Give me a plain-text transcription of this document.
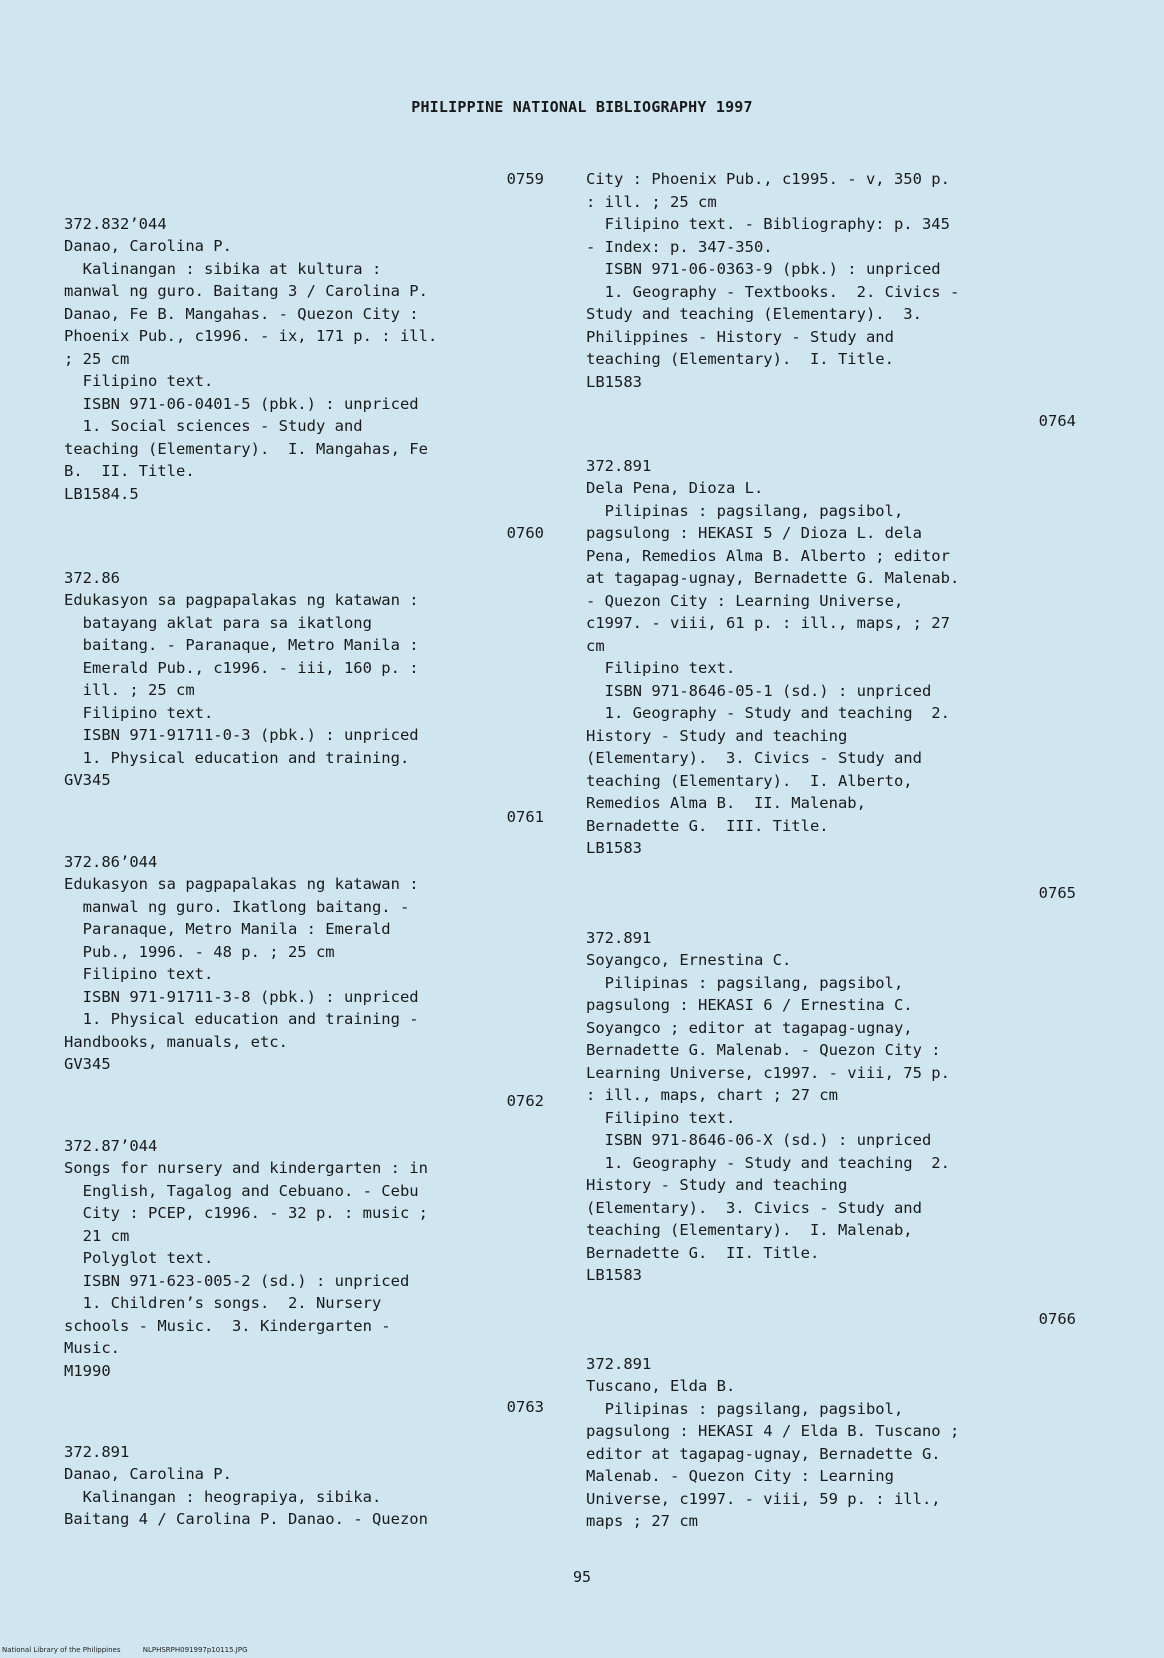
PHILIPPINE NATIONAL BIBLIOGRAPHY 1997
0759
372.832’044
Danao, Carolina P.
Kalinangan : sibika at kultura :
manwal ng guro. Baitang 3 / Carolina P.
Danao, Fe B. Mangahas. - Quezon City :
Phoenix Pub., c1996. - ix, 171 p. : ill.
; 25 cm
Filipino text.
ISBN 971-06-0401-5 (pbk.) : unpriced
1. Social sciences - Study and
teaching (Elementary).  I. Mangahas, Fe
B.  II. Title.
LB1584.5
0760
372.86
Edukasyon sa pagpapalakas ng katawan :
batayang aklat para sa ikatlong
baitang. - Paranaque, Metro Manila :
Emerald Pub., c1996. - iii, 160 p. :
ill. ; 25 cm
Filipino text.
ISBN 971-91711-0-3 (pbk.) : unpriced
1. Physical education and training.
GV345
0761
372.86’044
Edukasyon sa pagpapalakas ng katawan :
manwal ng guro. Ikatlong baitang. -
Paranaque, Metro Manila : Emerald
Pub., 1996. - 48 p. ; 25 cm
Filipino text.
ISBN 971-91711-3-8 (pbk.) : unpriced
1. Physical education and training -
Handbooks, manuals, etc.
GV345
0762
372.87’044
Songs for nursery and kindergarten : in
English, Tagalog and Cebuano. - Cebu
City : PCEP, c1996. - 32 p. : music ;
21 cm
Polyglot text.
ISBN 971-623-005-2 (sd.) : unpriced
1. Children’s songs.  2. Nursery
schools - Music.  3. Kindergarten -
Music.
M1990
0763
372.891
Danao, Carolina P.
Kalinangan : heograpiya, sibika.
Baitang 4 / Carolina P. Danao. - Quezon
City : Phoenix Pub., c1995. - v, 350 p.
: ill. ; 25 cm
Filipino text. - Bibliography: p. 345
- Index: p. 347-350.
ISBN 971-06-0363-9 (pbk.) : unpriced
1. Geography - Textbooks.  2. Civics -
Study and teaching (Elementary).  3.
Philippines - History - Study and
teaching (Elementary).  I. Title.
LB1583
0764
372.891
Dela Pena, Dioza L.
Pilipinas : pagsilang, pagsibol,
pagsulong : HEKASI 5 / Dioza L. dela
Pena, Remedios Alma B. Alberto ; editor
at tagapag-ugnay, Bernadette G. Malenab.
- Quezon City : Learning Universe,
c1997. - viii, 61 p. : ill., maps, ; 27
cm
Filipino text.
ISBN 971-8646-05-1 (sd.) : unpriced
1. Geography - Study and teaching  2.
History - Study and teaching
(Elementary).  3. Civics - Study and
teaching (Elementary).  I. Alberto,
Remedios Alma B.  II. Malenab,
Bernadette G.  III. Title.
LB1583
0765
372.891
Soyangco, Ernestina C.
Pilipinas : pagsilang, pagsibol,
pagsulong : HEKASI 6 / Ernestina C.
Soyangco ; editor at tagapag-ugnay,
Bernadette G. Malenab. - Quezon City :
Learning Universe, c1997. - viii, 75 p.
: ill., maps, chart ; 27 cm
Filipino text.
ISBN 971-8646-06-X (sd.) : unpriced
1. Geography - Study and teaching  2.
History - Study and teaching
(Elementary).  3. Civics - Study and
teaching (Elementary).  I. Malenab,
Bernadette G.  II. Title.
LB1583
0766
372.891
Tuscano, Elda B.
Pilipinas : pagsilang, pagsibol,
pagsulong : HEKASI 4 / Elda B. Tuscano ;
editor at tagapag-ugnay, Bernadette G.
Malenab. - Quezon City : Learning
Universe, c1997. - viii, 59 p. : ill.,
maps ; 27 cm
95
National Library of the Philippines	NLPHSRPH091997p10115.JPG
